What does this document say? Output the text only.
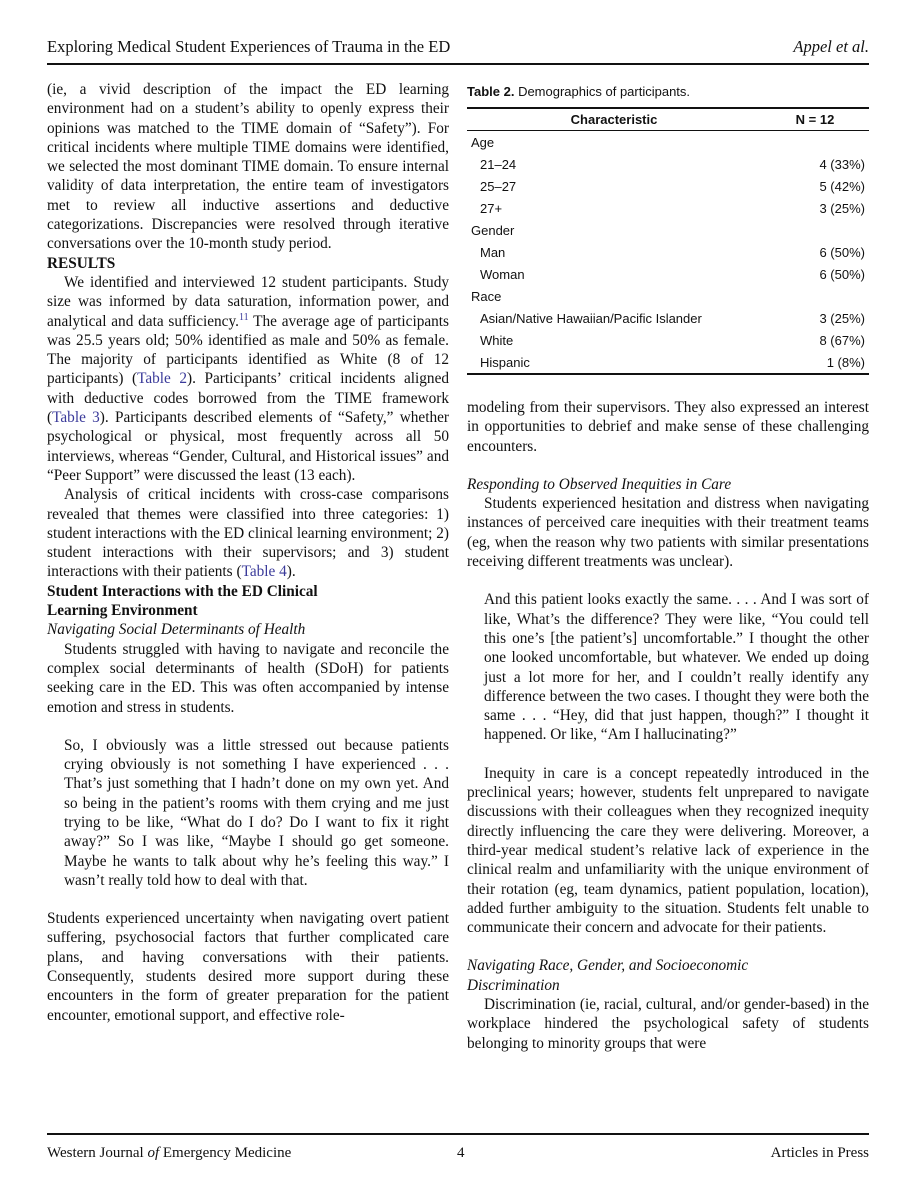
Exploring Medical Student Experiences of Trauma in the ED	Appel et al.

(ie, a vivid description of the impact the ED learning environment had on a student’s ability to openly express their opinions was matched to the TIME domain of “Safety”). For critical incidents where multiple TIME domains were identified, we selected the most dominant TIME domain. To ensure internal validity of data interpretation, the entire team of investigators met to review all inductive assertions and deductive categorizations. Discrepancies were resolved through iterative conversations over the 10-month study period.

RESULTS

We identified and interviewed 12 student participants. Study size was informed by data saturation, information power, and analytical and data sufficiency.$^{11}$ The average age of participants was 25.5 years old; 50% identified as male and 50% as female. The majority of participants identified as White (8 of 12 participants) (Table 2). Participants’ critical incidents aligned with deductive codes borrowed from the TIME framework (Table 3). Participants described elements of “Safety,” whether psychological or physical, most frequently across all 50 interviews, whereas “Gender, Cultural, and Historical issues” and “Peer Support” were discussed the least (13 each).

Analysis of critical incidents with cross-case comparisons revealed that themes were classified into three categories: 1) student interactions with the ED clinical learning environment; 2) student interactions with their supervisors; and 3) student interactions with their patients (Table 4).

Student Interactions with the ED Clinical
Learning Environment

Navigating Social Determinants of Health

Students struggled with having to navigate and reconcile the complex social determinants of health (SDoH) for patients seeking care in the ED. This was often accompanied by intense emotion and stress in students.

So, I obviously was a little stressed out because patients crying obviously is not something I have experienced . . . That’s just something that I hadn’t done on my own yet. And so being in the patient’s rooms with them crying and me just trying to be like, “What do I do? Do I want to fix it right away?” So I was like, “Maybe I should go get someone. Maybe he wants to talk about why he’s feeling this way.” I wasn’t really told how to deal with that.

Students experienced uncertainty when navigating overt patient suffering, psychosocial factors that further complicated care plans, and having conversations with their patients. Consequently, students desired more support during these encounters in the form of greater preparation for the patient encounter, emotional support, and effective role-

Table 2. Demographics of participants.

Characteristic	N = 12
Age	
21–24	4 (33%)
25–27	5 (42%)
27+	3 (25%)
Gender	
Man	6 (50%)
Woman	6 (50%)
Race	
Asian/Native Hawaiian/Pacific Islander	3 (25%)
White	8 (67%)
Hispanic	1 (8%)

modeling from their supervisors. They also expressed an interest in opportunities to debrief and make sense of these challenging encounters.

Responding to Observed Inequities in Care

Students experienced hesitation and distress when navigating instances of perceived care inequities with their treatment teams (eg, when the reason why two patients with similar presentations receiving different treatments was unclear).

And this patient looks exactly the same. . . . And I was sort of like, What’s the difference? They were like, “You could tell this one’s [the patient’s] uncomfortable.” I thought the other one looked uncomfortable, but whatever. We ended up doing just a lot more for her, and I couldn’t really identify any difference between the two cases. I thought they were both the same . . . “Hey, did that just happen, though?” I thought it happened. Or like, “Am I hallucinating?”

Inequity in care is a concept repeatedly introduced in the preclinical years; however, students felt unprepared to navigate discussions with their colleagues when they recognized inequity directly influencing the care they were delivering. Moreover, a third-year medical student’s relative lack of experience in the clinical realm and unfamiliarity with the unique environment of their rotation (eg, team dynamics, patient population, location), added further ambiguity to the situation. Students felt unable to communicate their concern and advocate for their patients.

Navigating Race, Gender, and Socioeconomic
Discrimination

Discrimination (ie, racial, cultural, and/or gender-based) in the workplace hindered the psychological safety of students belonging to minority groups that were

Western Journal of Emergency Medicine	4	Articles in Press
